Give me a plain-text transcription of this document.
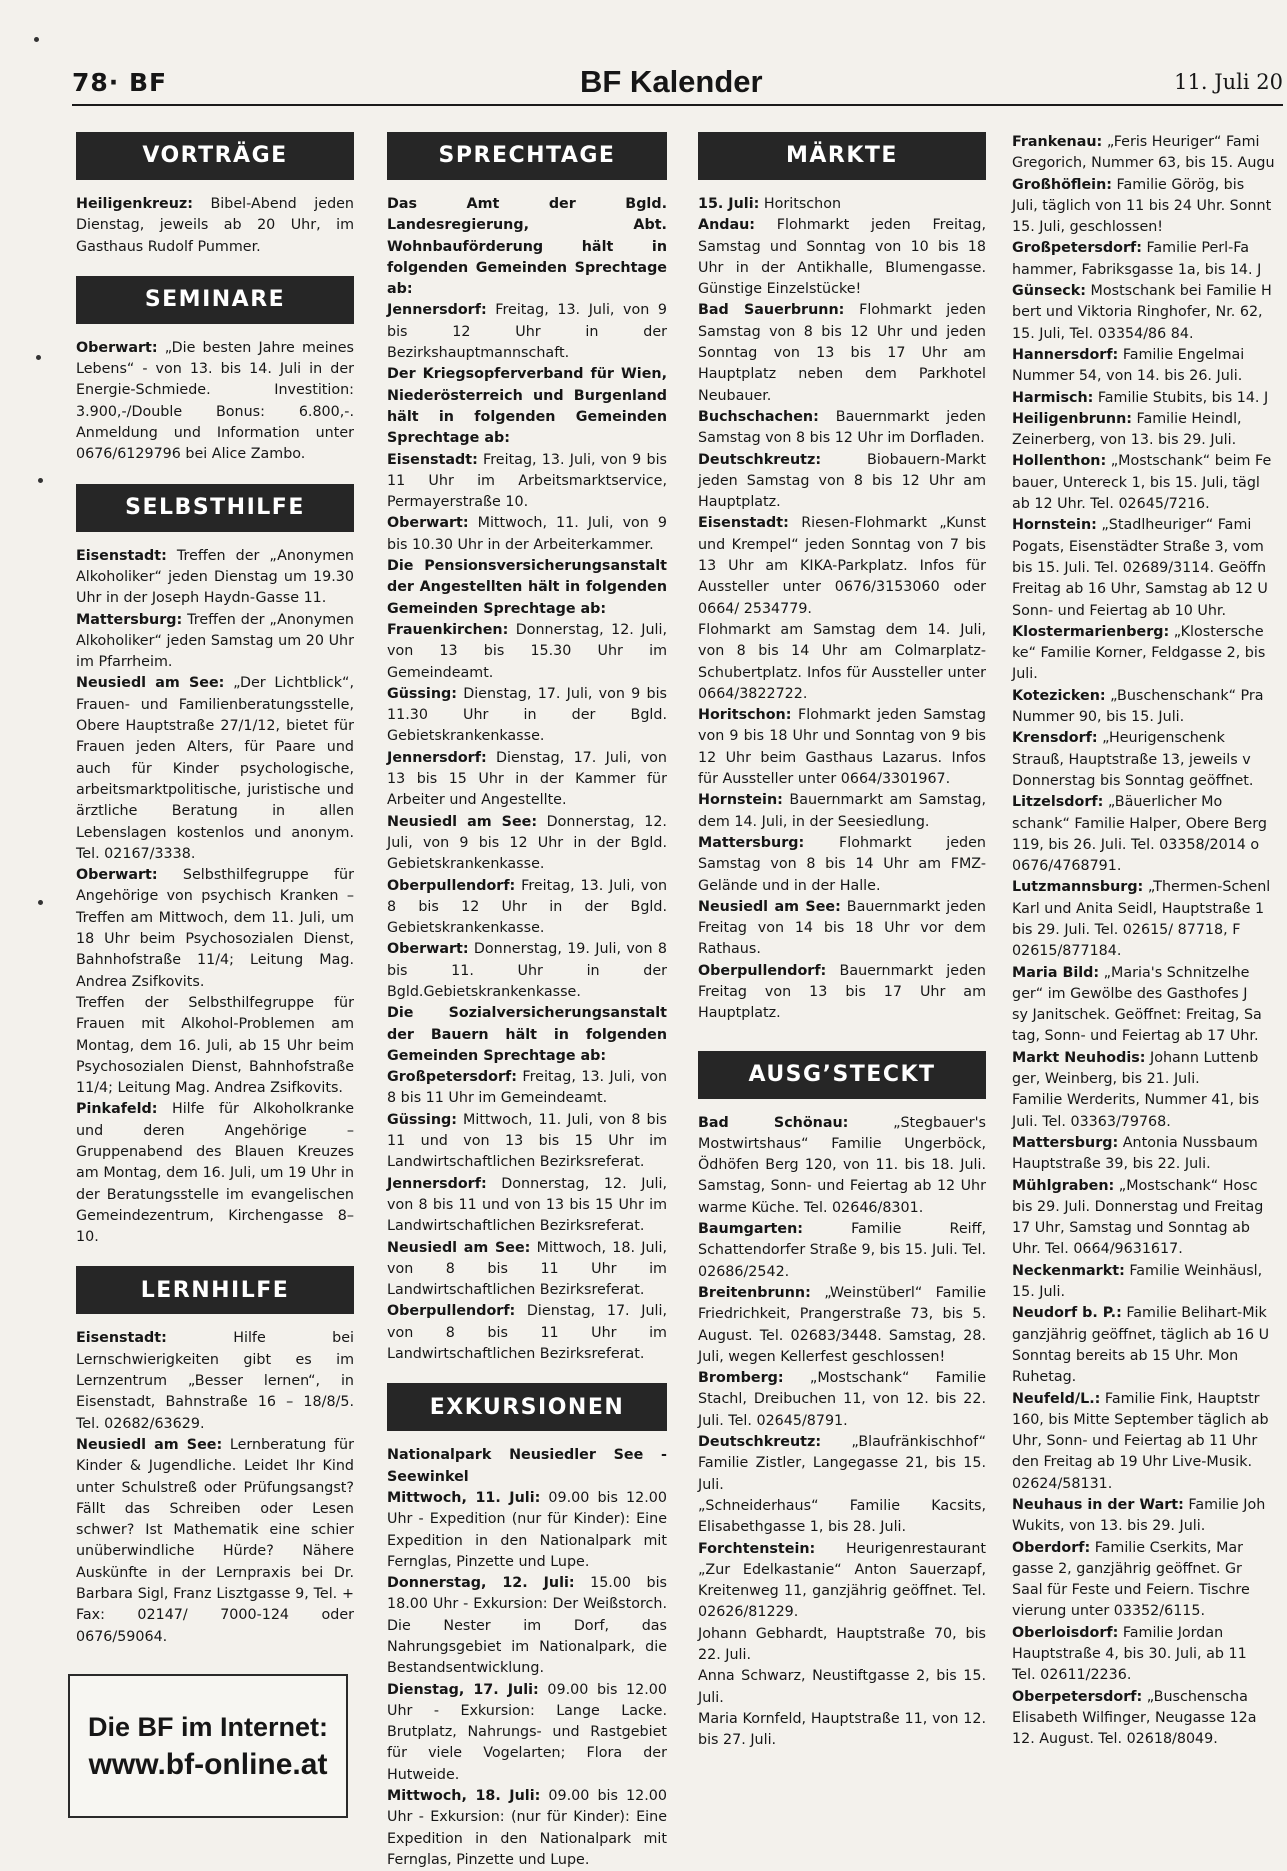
78· BF	BF Kalender	11. Juli 20
VORTRÄGE

Heiligenkreuz: Bibel-Abend jeden Dienstag, jeweils ab 20 Uhr, im Gasthaus Rudolf Pummer.

SEMINARE

Oberwart: „Die besten Jahre meines Lebens“ - von 13. bis 14. Juli in der Energie-Schmiede. Investition: 3.900,-/Double Bonus: 6.800,-. Anmeldung und Information unter 0676/6129796 bei Alice Zambo.

SELBSTHILFE

Eisenstadt: Treffen der „Anonymen Alkoholiker“ jeden Dienstag um 19.30 Uhr in der Joseph Haydn-Gasse 11.

Mattersburg: Treffen der „Anonymen Alkoholiker“ jeden Samstag um 20 Uhr im Pfarrheim.

Neusiedl am See: „Der Lichtblick“, Frauen- und Familienberatungsstelle, Obere Hauptstraße 27/1/12, bietet für Frauen jeden Alters, für Paare und auch für Kinder psychologische, arbeitsmarktpolitische, juristische und ärztliche Beratung in allen Lebenslagen kostenlos und anonym. Tel. 02167/3338.

Oberwart: Selbsthilfegruppe für Angehörige von psychisch Kranken – Treffen am Mittwoch, dem 11. Juli, um 18 Uhr beim Psychosozialen Dienst, Bahnhofstraße 11/4; Leitung Mag. Andrea Zsifkovits.

Treffen der Selbsthilfegruppe für Frauen mit Alkohol-Problemen am Montag, dem 16. Juli, ab 15 Uhr beim Psychosozialen Dienst, Bahnhofstraße 11/4; Leitung Mag. Andrea Zsifkovits.

Pinkafeld: Hilfe für Alkoholkranke und deren Angehörige – Gruppenabend des Blauen Kreuzes am Montag, dem 16. Juli, um 19 Uhr in der Beratungsstelle im evangelischen Gemeindezentrum, Kirchengasse 8–10.

LERNHILFE

Eisenstadt: Hilfe bei Lernschwierigkeiten gibt es im Lernzentrum „Besser lernen“, in Eisenstadt, Bahnstraße 16 – 18/8/5. Tel. 02682/63629.

Neusiedl am See: Lernberatung für Kinder & Jugendliche. Leidet Ihr Kind unter Schulstreß oder Prüfungsangst? Fällt das Schreiben oder Lesen schwer? Ist Mathematik eine schier unüberwindliche Hürde? Nähere Auskünfte in der Lernpraxis bei Dr. Barbara Sigl, Franz Lisztgasse 9, Tel. + Fax: 02147/ 7000-124 oder 0676/59064.

Die BF im Internet:
www.bf-online.at
SPRECHTAGE

Das Amt der Bgld. Landesregierung, Abt. Wohnbauförderung hält in folgenden Gemeinden Sprechtage ab:

Jennersdorf: Freitag, 13. Juli, von 9 bis 12 Uhr in der Bezirkshauptmannschaft.

Der Kriegsopferverband für Wien, Niederösterreich und Burgenland hält in folgenden Gemeinden Sprechtage ab:

Eisenstadt: Freitag, 13. Juli, von 9 bis 11 Uhr im Arbeitsmarktservice, Permayerstraße 10.

Oberwart: Mittwoch, 11. Juli, von 9 bis 10.30 Uhr in der Arbeiterkammer.

Die Pensionsversicherungsanstalt der Angestellten hält in folgenden Gemeinden Sprechtage ab:

Frauenkirchen: Donnerstag, 12. Juli, von 13 bis 15.30 Uhr im Gemeindeamt.

Güssing: Dienstag, 17. Juli, von 9 bis 11.30 Uhr in der Bgld. Gebietskrankenkasse.

Jennersdorf: Dienstag, 17. Juli, von 13 bis 15 Uhr in der Kammer für Arbeiter und Angestellte.

Neusiedl am See: Donnerstag, 12. Juli, von 9 bis 12 Uhr in der Bgld. Gebietskrankenkasse.

Oberpullendorf: Freitag, 13. Juli, von 8 bis 12 Uhr in der Bgld. Gebietskrankenkasse.

Oberwart: Donnerstag, 19. Juli, von 8 bis 11. Uhr in der Bgld.Gebietskrankenkasse.

Die Sozialversicherungsanstalt der Bauern hält in folgenden Gemeinden Sprechtage ab:

Großpetersdorf: Freitag, 13. Juli, von 8 bis 11 Uhr im Gemeindeamt.

Güssing: Mittwoch, 11. Juli, von 8 bis 11 und von 13 bis 15 Uhr im Landwirtschaftlichen Bezirksreferat.

Jennersdorf: Donnerstag, 12. Juli, von 8 bis 11 und von 13 bis 15 Uhr im Landwirtschaftlichen Bezirksreferat.

Neusiedl am See: Mittwoch, 18. Juli, von 8 bis 11 Uhr im Landwirtschaftlichen Bezirksreferat.

Oberpullendorf: Dienstag, 17. Juli, von 8 bis 11 Uhr im Landwirtschaftlichen Bezirksreferat.

EXKURSIONEN

Nationalpark Neusiedler See - Seewinkel

Mittwoch, 11. Juli: 09.00 bis 12.00 Uhr - Expedition (nur für Kinder): Eine Expedition in den Nationalpark mit Fernglas, Pinzette und Lupe.

Donnerstag, 12. Juli: 15.00 bis 18.00 Uhr - Exkursion: Der Weißstorch. Die Nester im Dorf, das Nahrungsgebiet im Nationalpark, die Bestandsentwicklung.

Dienstag, 17. Juli: 09.00 bis 12.00 Uhr - Exkursion: Lange Lacke. Brutplatz, Nahrungs- und Rastgebiet für viele Vogelarten; Flora der Hutweide.

Mittwoch, 18. Juli: 09.00 bis 12.00 Uhr - Exkursion: (nur für Kinder): Eine Expedition in den Nationalpark mit Fernglas, Pinzette und Lupe.

MÄRKTE

15. Juli: Horitschon

Andau: Flohmarkt jeden Freitag, Samstag und Sonntag von 10 bis 18 Uhr in der Antikhalle, Blumengasse. Günstige Einzelstücke!

Bad Sauerbrunn: Flohmarkt jeden Samstag von 8 bis 12 Uhr und jeden Sonntag von 13 bis 17 Uhr am Hauptplatz neben dem Parkhotel Neubauer.

Buchschachen: Bauernmarkt jeden Samstag von 8 bis 12 Uhr im Dorfladen.

Deutschkreutz: Biobauern-Markt jeden Samstag von 8 bis 12 Uhr am Hauptplatz.

Eisenstadt: Riesen-Flohmarkt „Kunst und Krempel“ jeden Sonntag von 7 bis 13 Uhr am KIKA-Parkplatz. Infos für Aussteller unter 0676/3153060 oder 0664/ 2534779.

Flohmarkt am Samstag dem 14. Juli, von 8 bis 14 Uhr am Colmarplatz-Schubertplatz. Infos für Aussteller unter 0664/3822722.

Horitschon: Flohmarkt jeden Samstag von 9 bis 18 Uhr und Sonntag von 9 bis 12 Uhr beim Gasthaus Lazarus. Infos für Aussteller unter 0664/3301967.

Hornstein: Bauernmarkt am Samstag, dem 14. Juli, in der Seesiedlung.

Mattersburg: Flohmarkt jeden Samstag von 8 bis 14 Uhr am FMZ-Gelände und in der Halle.

Neusiedl am See: Bauernmarkt jeden Freitag von 14 bis 18 Uhr vor dem Rathaus.

Oberpullendorf: Bauernmarkt jeden Freitag von 13 bis 17 Uhr am Hauptplatz.

AUSG’STECKT

Bad Schönau: „Stegbauer's Mostwirtshaus“ Familie Ungerböck, Ödhöfen Berg 120, von 11. bis 18. Juli. Samstag, Sonn- und Feiertag ab 12 Uhr warme Küche. Tel. 02646/8301.

Baumgarten: Familie Reiff, Schattendorfer Straße 9, bis 15. Juli. Tel. 02686/2542.

Breitenbrunn: „Weinstüberl“ Familie Friedrichkeit, Prangerstraße 73, bis 5. August. Tel. 02683/3448. Samstag, 28. Juli, wegen Kellerfest geschlossen!

Bromberg: „Mostschank“ Familie Stachl, Dreibuchen 11, von 12. bis 22. Juli. Tel. 02645/8791.

Deutschkreutz: „Blaufränkischhof“ Familie Zistler, Langegasse 21, bis 15. Juli.

„Schneiderhaus“ Familie Kacsits, Elisabethgasse 1, bis 28. Juli.

Forchtenstein: Heurigenrestaurant „Zur Edelkastanie“ Anton Sauerzapf, Kreitenweg 11, ganzjährig geöffnet. Tel. 02626/81229.

Johann Gebhardt, Hauptstraße 70, bis 22. Juli.

Anna Schwarz, Neustiftgasse 2, bis 15. Juli.

Maria Kornfeld, Hauptstraße 11, von 12. bis 27. Juli.

Frankenau: „Feris Heuriger“ Fami
Gregorich, Nummer 63, bis 15. Augu
Großhöflein: Familie Görög, bis
Juli, täglich von 11 bis 24 Uhr. Sonnt
15. Juli, geschlossen!
Großpetersdorf: Familie Perl-Fa
hammer, Fabriksgasse 1a, bis 14. J
Günseck: Mostschank bei Familie H
bert und Viktoria Ringhofer, Nr. 62,
15. Juli, Tel. 03354/86 84.
Hannersdorf: Familie Engelmai
Nummer 54, von 14. bis 26. Juli.
Harmisch: Familie Stubits, bis 14. J
Heiligenbrunn: Familie Heindl,
Zeinerberg, von 13. bis 29. Juli.
Hollenthon: „Mostschank“ beim Fe
bauer, Untereck 1, bis 15. Juli, tägl
ab 12 Uhr. Tel. 02645/7216.
Hornstein: „Stadlheuriger“ Fami
Pogats, Eisenstädter Straße 3, vom
bis 15. Juli. Tel. 02689/3114. Geöffn
Freitag ab 16 Uhr, Samstag ab 12 U
Sonn- und Feiertag ab 10 Uhr.
Klostermarienberg: „Klostersche
ke“ Familie Korner, Feldgasse 2, bis
Juli.
Kotezicken: „Buschenschank“ Pra
Nummer 90, bis 15. Juli.
Krensdorf: „Heurigenschenk
Strauß, Hauptstraße 13, jeweils v
Donnerstag bis Sonntag geöffnet.
Litzelsdorf: „Bäuerlicher Mo
schank“ Familie Halper, Obere Berg
119, bis 26. Juli. Tel. 03358/2014 o
0676/4768791.
Lutzmannsburg: „Thermen-Schenl
Karl und Anita Seidl, Hauptstraße 1
bis 29. Juli. Tel. 02615/ 87718, F
02615/877184.
Maria Bild: „Maria's Schnitzelhe
ger“ im Gewölbe des Gasthofes J
sy Janitschek. Geöffnet: Freitag, Sa
tag, Sonn- und Feiertag ab 17 Uhr.
Markt Neuhodis: Johann Luttenb
ger, Weinberg, bis 21. Juli.
Familie Werderits, Nummer 41, bis
Juli. Tel. 03363/79768.
Mattersburg: Antonia Nussbaum
Hauptstraße 39, bis 22. Juli.
Mühlgraben: „Mostschank“ Hosc
bis 29. Juli. Donnerstag und Freitag
17 Uhr, Samstag und Sonntag ab
Uhr. Tel. 0664/9631617.
Neckenmarkt: Familie Weinhäusl,
15. Juli.
Neudorf b. P.: Familie Belihart-Mik
ganzjährig geöffnet, täglich ab 16 U
Sonntag bereits ab 15 Uhr. Mon
Ruhetag.
Neufeld/L.: Familie Fink, Hauptstr
160, bis Mitte September täglich ab
Uhr, Sonn- und Feiertag ab 11 Uhr
den Freitag ab 19 Uhr Live-Musik.
02624/58131.
Neuhaus in der Wart: Familie Joh
Wukits, von 13. bis 29. Juli.
Oberdorf: Familie Cserkits, Mar
gasse 2, ganzjährig geöffnet. Gr
Saal für Feste und Feiern. Tischre
vierung unter 03352/6115.
Oberloisdorf: Familie Jordan
Hauptstraße 4, bis 30. Juli, ab 11
Tel. 02611/2236.
Oberpetersdorf: „Buschenscha
Elisabeth Wilfinger, Neugasse 12a
12. August. Tel. 02618/8049.
